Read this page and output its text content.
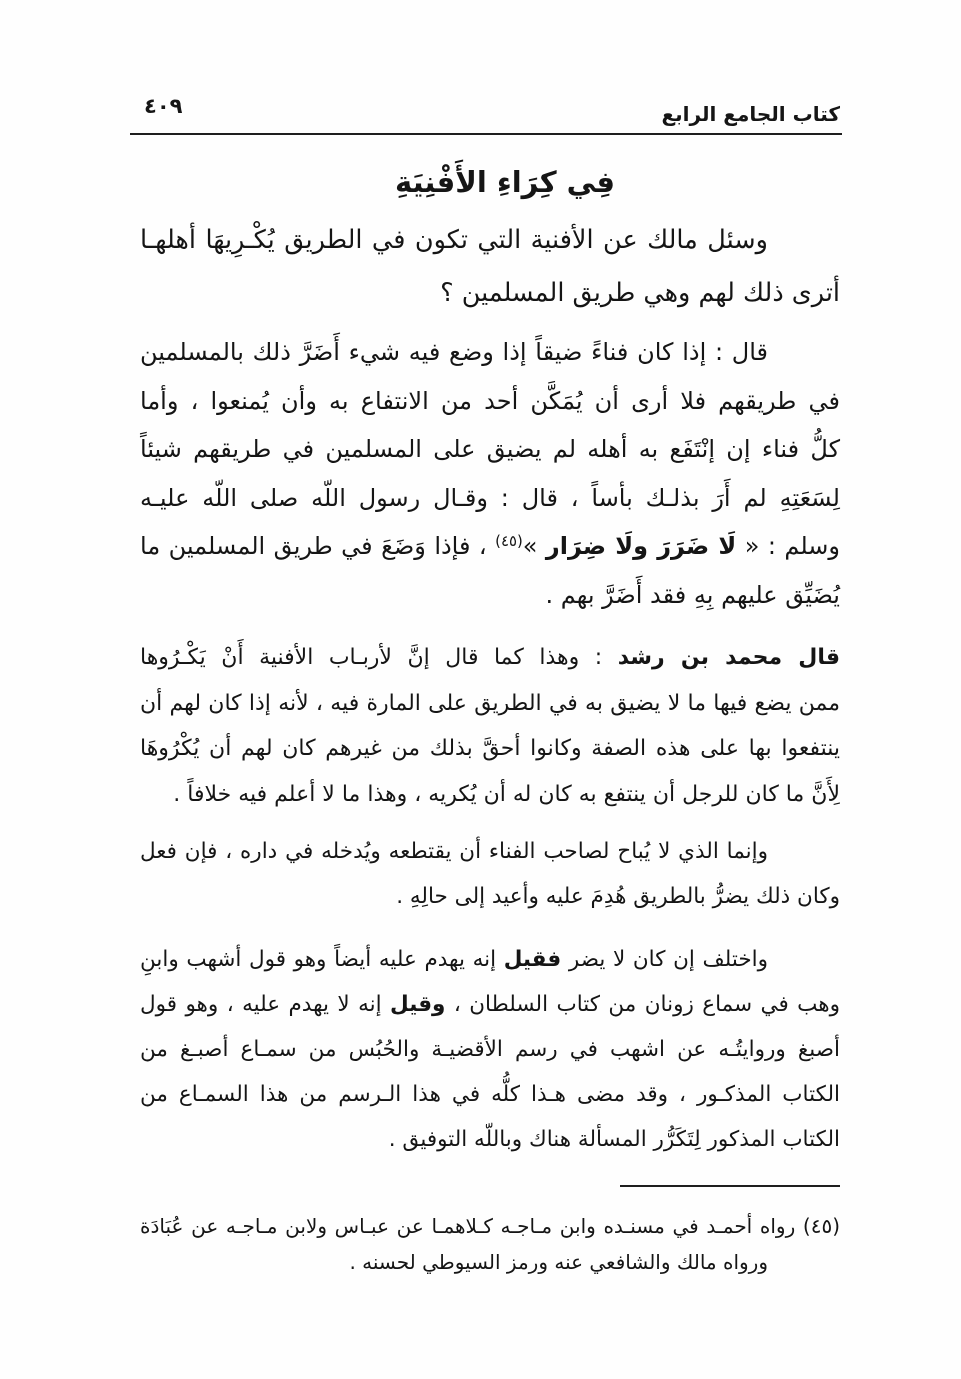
كتاب الجامع الرابع
٤٠٩
فِي كِرَاءِ الأَفْنِيَةِ
وسئل مالك عن الأفنية التي تكون في الطريق يُكْـرِيهَا أهلهـا
أترى ذلك لهم وهي طريق المسلمين ؟
قال : إذا كان فناءً ضيقاً إذا وضع فيه شيء أَضَرَّ ذلك بالمسلمين
في طريقهم فلا أرى أن يُمَكَّن أحد من الانتفاع به وأن يُمنعوا ، وأما
كلُّ فناء إن إنْتَفَع به أهله لم يضيق على المسلمين في طريقهم شيئاً
لِسَعَتِهِ لم أَرَ بذلـك بأساً ، قال : وقـال رسول اللّه صلى اللّه عليـه
وسلم : « لَا ضَرَرَ ولَا ضِرَار »$^{(٤٥)}$ ، فإذا وَضَعَ في طريق المسلمين ما
يُضَيِّق عليهم بِهِ فقد أَضَرَّ بهم .
قال محمد بن رشد : وهذا كما قال إنَّ لأربـاب الأفنية أَنْ يَكْـرُوها
ممن يضع فيها ما لا يضيق به في الطريق على المارة فيه ، لأنه إذا كان لهم أن
ينتفعوا بها على هذه الصفة وكانوا أحقَّ بذلك من غيرهم كان لهم أن يُكْرُوهَا
لِأَنَّ ما كان للرجل أن ينتفع به كان له أن يُكريه ، وهذا ما لا أعلم فيه خلافاً .
وإنما الذي لا يُباح لصاحب الفناء أن يقتطعه ويُدخله في داره ، فإن فعل
وكان ذلك يضرُّ بالطريق هُدِمَ عليه وأعيد إلى حالِهِ .
واختلف إن كان لا يضر فقيل إنه يهدم عليه أيضاً وهو قول أشهب وابنِ
وهب في سماع زونان من كتاب السلطان ، وقيل إنه لا يهدم عليه ، وهو قول
أصبغ وروايتُـه عن اشهب في رسم الأقضيـة والحُبُس من سمـاع أصبـغ من
الكتاب المذكـور ، وقد مضى هـذا كلُّه في هذا الـرسم من هذا السمـاع من
الكتاب المذكور لِتَكَرُّر المسألة هناك وباللّه التوفيق .
(٤٥) رواه أحمـد في مسنـده وابن مـاجـه كـلاهمـا عن عبـاس ولابن مـاجـه عن عُبَادَة
ورواه مالك والشافعي عنه ورمز السيوطي لحسنه .
